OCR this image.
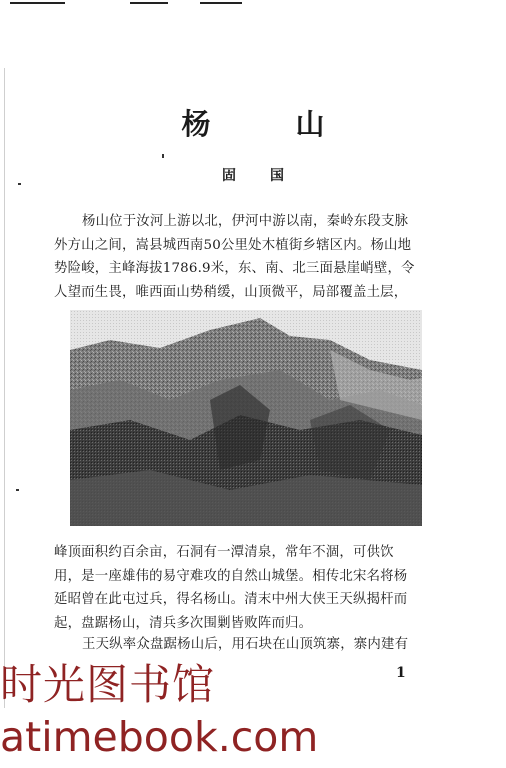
杨　山
固　国
杨山位于汝河上游以北，伊河中游以南，秦岭东段支脉
外方山之间，嵩县城西南50公里处木植街乡辖区内。杨山地
势险峻，主峰海拔1786.9米，东、南、北三面悬崖峭壁，令
人望而生畏，唯西面山势稍缓，山顶微平，局部覆盖土层，
峰顶面积约百余亩，石洞有一潭清泉，常年不涸，可供饮
用，是一座雄伟的易守难攻的自然山城堡。相传北宋名将杨
延昭曾在此屯过兵，得名杨山。清末中州大侠王天纵揭杆而
起，盘踞杨山，清兵多次围剿皆败阵而归。
王天纵率众盘踞杨山后，用石块在山顶筑寨，寨内建有
1
时光图书馆
atimebook.com
